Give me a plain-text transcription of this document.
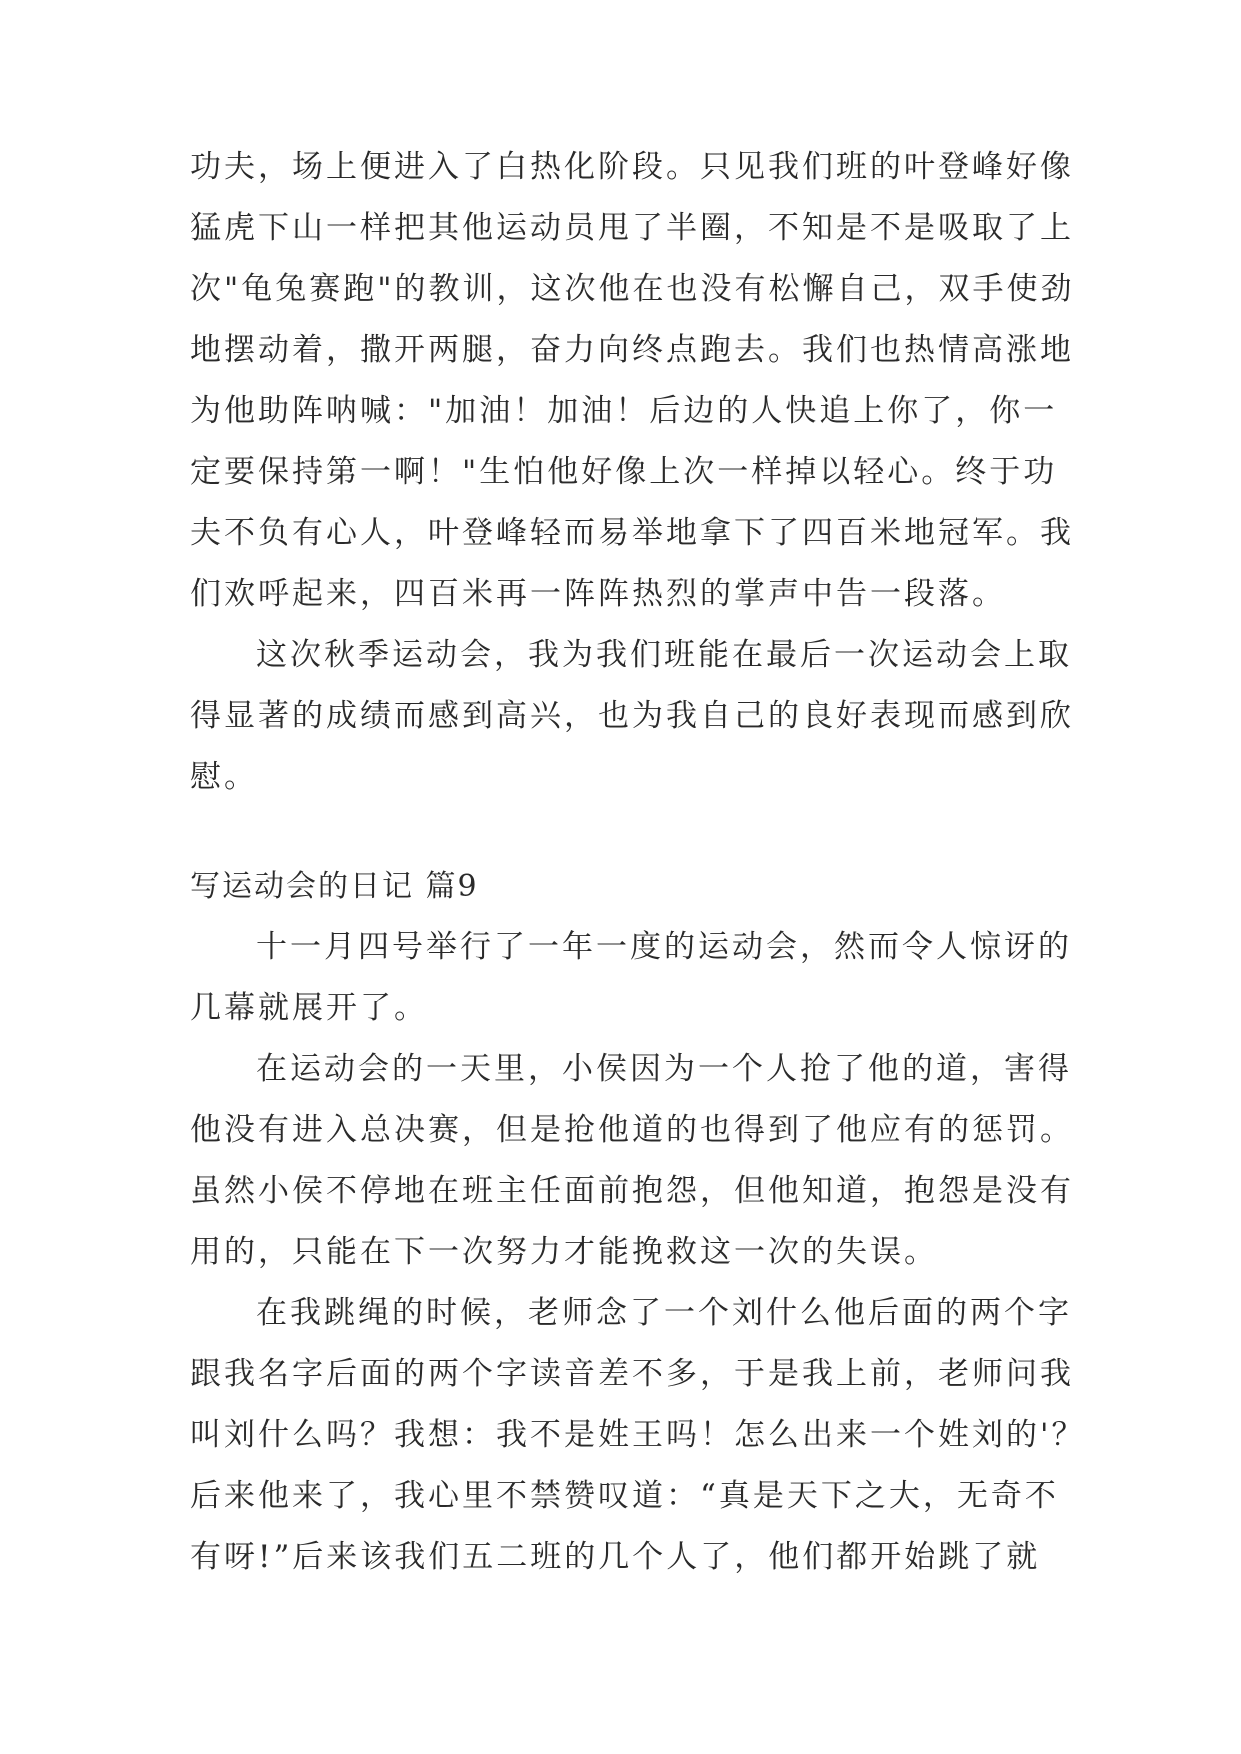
功夫，场上便进入了白热化阶段。只见我们班的叶登峰好像
猛虎下山一样把其他运动员甩了半圈，不知是不是吸取了上
次"龟兔赛跑"的教训，这次他在也没有松懈自己，双手使劲
地摆动着，撒开两腿，奋力向终点跑去。我们也热情高涨地
为他助阵呐喊："加油！加油！后边的人快追上你了，你一
定要保持第一啊！"生怕他好像上次一样掉以轻心。终于功
夫不负有心人，叶登峰轻而易举地拿下了四百米地冠军。我
们欢呼起来，四百米再一阵阵热烈的掌声中告一段落。
这次秋季运动会，我为我们班能在最后一次运动会上取
得显著的成绩而感到高兴，也为我自己的良好表现而感到欣
慰。
写运动会的日记 篇9
十一月四号举行了一年一度的运动会，然而令人惊讶的
几幕就展开了。
在运动会的一天里，小侯因为一个人抢了他的道，害得
他没有进入总决赛，但是抢他道的也得到了他应有的惩罚。
虽然小侯不停地在班主任面前抱怨，但他知道，抱怨是没有
用的，只能在下一次努力才能挽救这一次的失误。
在我跳绳的时候，老师念了一个刘什么他后面的两个字
跟我名字后面的两个字读音差不多，于是我上前，老师问我
叫刘什么吗？我想：我不是姓王吗！怎么出来一个姓刘的'？
后来他来了，我心里不禁赞叹道：“真是天下之大，无奇不
有呀!”后来该我们五二班的几个人了，他们都开始跳了就
